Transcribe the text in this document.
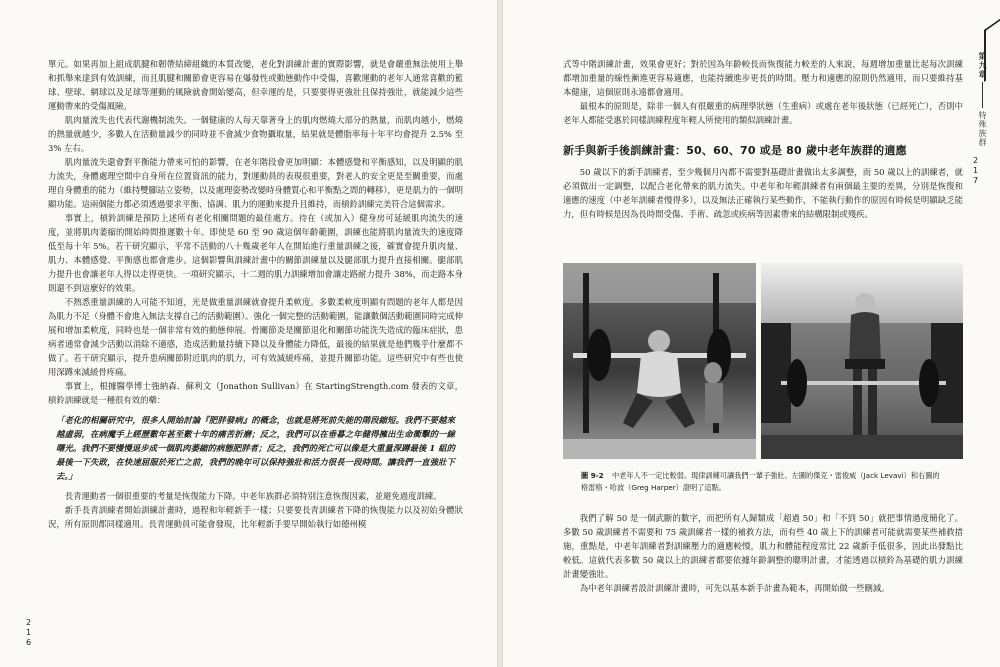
單元。如果再加上組成肌腱和韌帶結締組織的本質改變，老化對訓練計畫的實際影響，就是會嚴重無法使用上舉和抓舉來達到有效訓練，而且肌腱和關節會更容易在爆發性或動態動作中受傷，喜歡運動的老年人通常喜歡的籃球、壁球、網球以及足球等運動的風險就會開始變高，但幸運的是，只要要得更強壯且保持強壯，就能減少這些運動帶來的受傷風險。

肌肉量流失也代表代謝機制流失。一個健康的人每天靠著身上的肌肉燃燒大部分的熱量，而肌肉越小，燃燒的熱量就越少，多數人在活動量減少的同時並不會減少食物攝取量，結果就是體脂率每十年平均會提升 2.5% 至 3% 左右。

肌肉量流失還會對平衡能力帶來可怕的影響，在老年階段會更加明顯：本體感覺和平衡感知，以及明顯的肌力流失，身體處理空間中自身所在位置資訊的能力，對運動員的表現很重要，對老人的安全更是至關重要，而處理自身體重的能力（維持雙腳站立姿勢，以及處理姿勢改變時身體質心和平衡點之間的轉移），更是肌力的一個明顯功能。這兩個能力都必須透過要求平衡、協調、肌力的運動來提升且維持，而槓鈴訓練完美符合這個需求。

事實上，槓鈴訓練是預防上述所有老化相關問題的最佳處方。待在（或加入）健身房可延緩肌肉流失的速度，並將肌肉萎縮的開始時間推遲數十年。即使是 60 至 90 歲這個年齡範圍，訓練也能將肌肉量流失的速度降低至每十年 5%。若干研究顯示，平常不活動的八十幾歲老年人在開始進行重量訓練之後，確實會提升肌肉量、肌力、本體感覺、平衡感也都會進步。這個影響與訓練計畫中的關節訓練量以及腿部肌力提升直接相關。腿部肌力提升也會讓老年人得以走得更快。一項研究顯示，十二週的肌力訓練增加會讓走路耐力提升 38%，而走路本身則還不到這麼好的效果。

不熱悉重量訓練的人可能不知道，光是做重量訓練就會提升柔軟度。多數柔軟度明顯有問題的老年人都是因為肌力不足（身體不會進入無法支撐自己的活動範圍）。強化一個完整的活動範圍，能讓數個活動範圍同時完成伸展和增加柔軟度，同時也是一個非常有效的動態伸展。骨關節炎是關節退化和關節功能洗失造成的臨床症狀，患病者通常會減少活動以消除不適感，造成活動量持續下降以及身體能力降低，最後的結果就是他們幾乎什麼都不做了。若干研究顯示，提升患病關節附近肌肉的肌力，可有效減緩疼痛，並提升關節功能。這些研究中有些也使用深蹲來減緩骨疼痛。

事實上，根據醫學博士強納森．蘇利文（Jonathon Sullivan）在 StartingStrength.com 發表的文章，槓鈴訓練就是一種很有效的藥：

「老化的相關研究中，很多人開始討論『肥胖發病』的概念，也就是將死前失能的階段縮短。我們不要越來越虛弱，在病魔手上經歷數年甚至數十年的痛苦折磨；反之，我們可以在垂暮之年健得擁出生命衝擊的一線曙光。我們不要慢慢退步成一個肌肉萎縮的病態肥胖者；反之，我們的死亡可以像是大重量深蹲最後 1 組的最後一下失敗，在快速屈服於死亡之前，我們的晚年可以保持強壯和活力很長一段時間。讓我們一直強壯下去。」

長青運動者一個很重要的考量是恢復能力下降。中老年族群必須特別注意恢復因素，並避免過度訓練。

新手長青訓練者開始訓練計畫時，過程和年輕新手一樣；只要要長青訓練者下降的恢復能力以及初始身體狀況，所有原則都同樣適用。長青運動員可能會發現，比年輕新手要早開始執行如德州模

216

式等中階訓練計畫，效果會更好；對於因為年齡較長而恢復能力較差的人來說，每週增加重量比起每次訓練都增加重量的線性漸進更容易適應，也能持續進步更長的時間。壓力和適應的原則仍然適用，而只要維持基本健康，這個原則永遠都會適用。

最根本的原則是，除非一個人有很嚴重的病理學狀態（生重病）或處在老年後狀態（已經死亡），否則中老年人都能受惠於同樣訓練程度年輕人所使用的類似訓練計畫。

新手與新手後訓練計畫：50、60、70 或是 80 歲中老年族群的適應

50 歲以下的新手訓練者，至少幾個月內都不需要對基礎計畫做出太多調整，而 50 歲以上的訓練者，就必須做出一定調整，以配合老化帶來的肌力流失。中老年和年輕訓練者有兩個最主要的差異，分別是恢復和適應的速度（中老年訓練者慢得多），以及無法正確執行某些動作，不能執行動作的原因有時候是明顯缺乏能力，但有時候是因為長時間受傷、手術、疏忽或疾病等因素帶來的結構限制或殘疾。

圖 9-2 中老年人不一定比較弱。現律訓練可讓我們一輩子強壯。左圖的傑克・雷俊威（Jack Levavi）和右圖的格雷格・哈波（Greg Harper）證明了這點。

我們了解 50 是一個武斷的數字，而把所有人歸類成「超過 50」和「不到 50」就把事情過度簡化了。多數 50 歲訓練者不需要和 75 歲訓練者一樣的補救方法，而有些 40 歲上下的訓練者可能就需要某些補救措施，重點是，中老年訓練者對訓練壓力的適應較慢，肌力和體能程度常比 22 歲新手低很多，因此出發點比較低。這就代表多數 50 歲以上的訓練者都要依據年齡調整的聰明計畫，才能透過以槓鈴為基礎的肌力訓練計畫變強壯。

為中老年訓練者設計訓練計畫時，可先以基本新手計畫為範本，再開始做一些刪減。

第九章特殊族群
217
